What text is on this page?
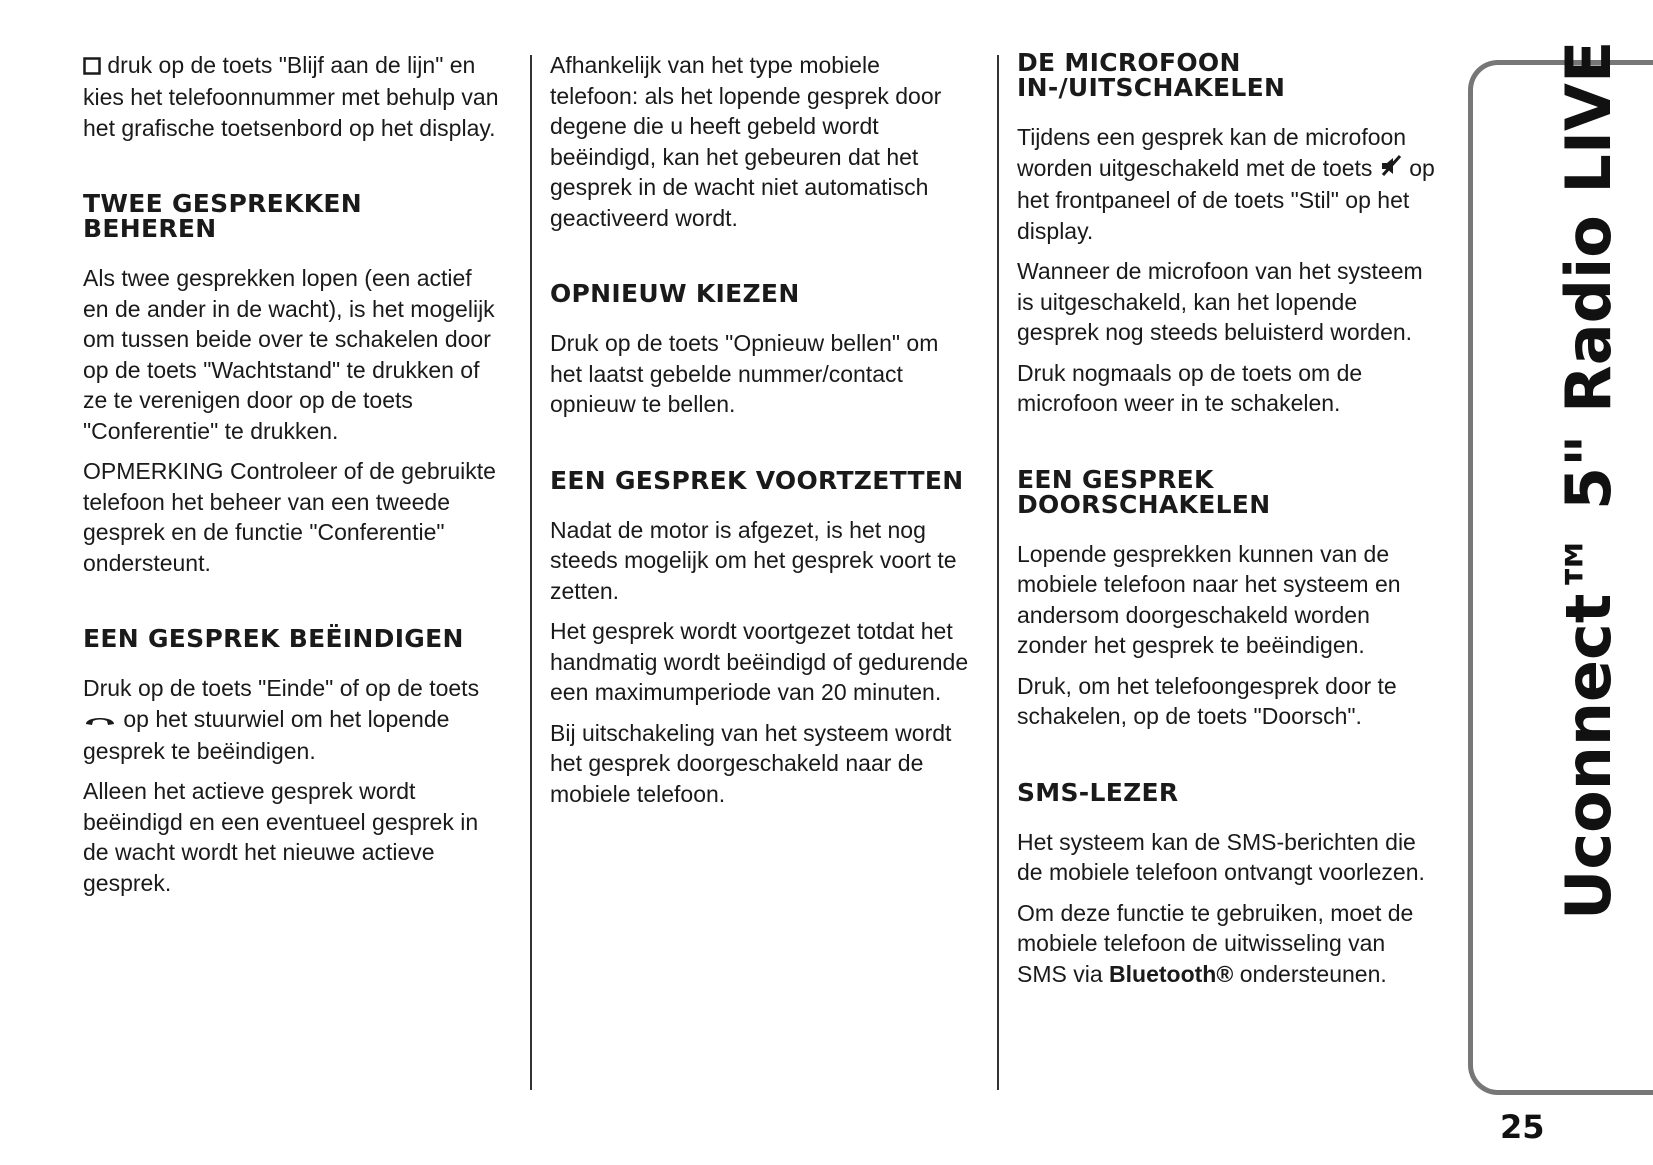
druk op de toets "Blijf aan de lijn" en kies het telefoonnummer met behulp van het grafische toetsenbord op het display.

TWEE GESPREKKEN BEHEREN

Als twee gesprekken lopen (een actief en de ander in de wacht), is het mogelijk om tussen beide over te schakelen door op de toets "Wachtstand" te drukken of ze te verenigen door op de toets "Conferentie" te drukken.

OPMERKING Controleer of de gebruikte telefoon het beheer van een tweede gesprek en de functie "Conferentie" ondersteunt.

EEN GESPREK BEËINDIGEN

Druk op de toets "Einde" of op de toets  op het stuurwiel om het lopende gesprek te beëindigen.

Alleen het actieve gesprek wordt beëindigd en een eventueel gesprek in de wacht wordt het nieuwe actieve gesprek.

Afhankelijk van het type mobiele telefoon: als het lopende gesprek door degene die u heeft gebeld wordt beëindigd, kan het gebeuren dat het gesprek in de wacht niet automatisch geactiveerd wordt.

OPNIEUW KIEZEN

Druk op de toets "Opnieuw bellen" om het laatst gebelde nummer/contact opnieuw te bellen.

EEN GESPREK VOORTZETTEN

Nadat de motor is afgezet, is het nog steeds mogelijk om het gesprek voort te zetten.

Het gesprek wordt voortgezet totdat het handmatig wordt beëindigd of gedurende een maximumperiode van 20 minuten.

Bij uitschakeling van het systeem wordt het gesprek doorgeschakeld naar de mobiele telefoon.

DE MICROFOON IN-/UITSCHAKELEN

Tijdens een gesprek kan de microfoon worden uitgeschakeld met de toets op het frontpaneel of de toets "Stil" op het display.

Wanneer de microfoon van het systeem is uitgeschakeld, kan het lopende gesprek nog steeds beluisterd worden.

Druk nogmaals op de toets om de microfoon weer in te schakelen.

EEN GESPREK DOORSCHAKELEN

Lopende gesprekken kunnen van de mobiele telefoon naar het systeem en andersom doorgeschakeld worden zonder het gesprek te beëindigen.

Druk, om het telefoongesprek door te schakelen, op de toets "Doorsch".

SMS-LEZER

Het systeem kan de SMS-berichten die de mobiele telefoon ontvangt voorlezen.

Om deze functie te gebruiken, moet de mobiele telefoon de uitwisseling van SMS via Bluetooth® ondersteunen.

Uconnect™ 5" Radio LIVE
25
